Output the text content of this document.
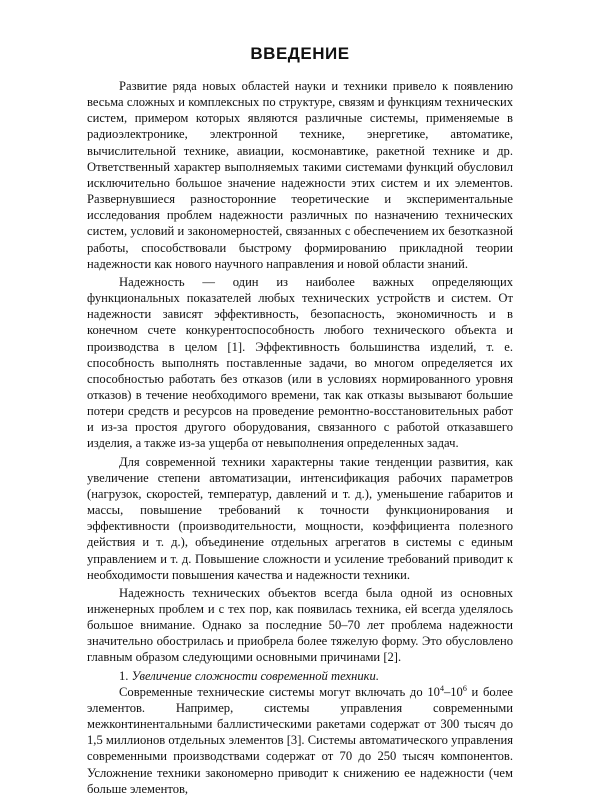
ВВЕДЕНИЕ

Развитие ряда новых областей науки и техники привело к появлению весьма сложных и комплексных по структуре, связям и функциям технических систем, примером которых являются различные системы, применяемые в радиоэлектронике, электронной технике, энергетике, автоматике, вычислительной технике, авиации, космонавтике, ракетной технике и др. Ответственный характер выполняемых такими системами функций обусловил исключительно большое значение надежности этих систем и их элементов. Развернувшиеся разносторонние теоретические и экспериментальные исследования проблем надежности различных по назначению технических систем, условий и закономерностей, связанных с обеспечением их безотказной работы, способствовали быстрому формированию прикладной теории надежности как нового научного направления и новой области знаний.

Надежность — один из наиболее важных определяющих функциональных показателей любых технических устройств и систем. От надежности зависят эффективность, безопасность, экономичность и в конечном счете конкурентоспособность любого технического объекта и производства в целом [1]. Эффективность большинства изделий, т. е. способность выполнять поставленные задачи, во многом определяется их способностью работать без отказов (или в условиях нормированного уровня отказов) в течение необходимого времени, так как отказы вызывают большие потери средств и ресурсов на проведение ремонтно-восстановительных работ и из-за простоя другого оборудования, связанного с работой отказавшего изделия, а также из-за ущерба от невыполнения определенных задач.

Для современной техники характерны такие тенденции развития, как увеличение степени автоматизации, интенсификация рабочих параметров (нагрузок, скоростей, температур, давлений и т. д.), уменьшение габаритов и массы, повышение требований к точности функционирования и эффективности (производительности, мощности, коэффициента полезного действия и т. д.), объединение отдельных агрегатов в системы с единым управлением и т. д. Повышение сложности и усиление требований приводит к необходимости повышения качества и надежности техники.

Надежность технических объектов всегда была одной из основных инженерных проблем и с тех пор, как появилась техника, ей всегда уделялось большое внимание. Однако за последние 50–70 лет проблема надежности значительно обострилась и приобрела более тяжелую форму. Это обусловлено главным образом следующими основными причинами [2].

1. Увеличение сложности современной техники.

Современные технические системы могут включать до $10^4-10^6$ и более элементов. Например, системы управления современными межконтинентальными баллистическими ракетами содержат от 300 тысяч до 1,5 миллионов отдельных элементов [3]. Системы автоматического управления современными производствами содержат от 70 до 250 тысяч компонентов. Усложнение техники закономерно приводит к снижению ее надежности (чем больше элементов,
